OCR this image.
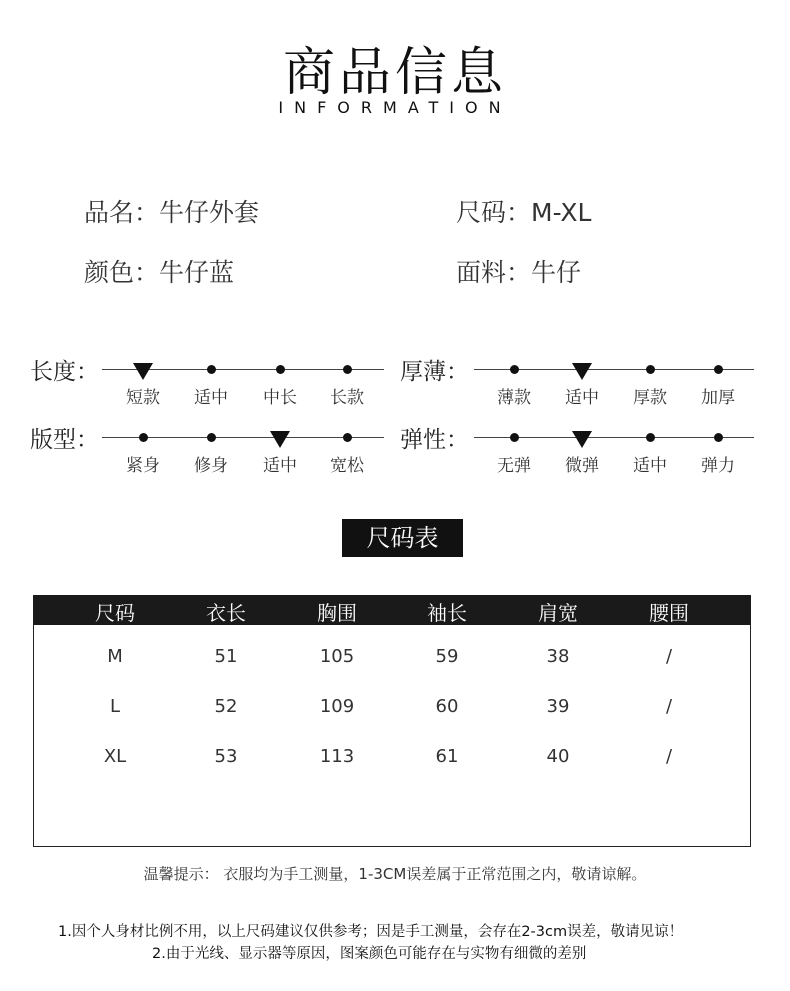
商品信息
INFORMATION
品名：牛仔外套	尺码：M-XL
颜色：牛仔蓝	面料：牛仔
长度：
短款	适中	中长	长款
厚薄：
薄款	适中	厚款	加厚
版型：
紧身	修身	适中	宽松
弹性：
无弹	微弹	适中	弹力
尺码表
尺码	衣长	胸围	袖长	肩宽	腰围
M	51	105	59	38	/
L	52	109	60	39	/
XL	53	113	61	40	/
温馨提示： 衣服均为手工测量，1-3CM误差属于正常范围之内，敬请谅解。
1.因个人身材比例不用，以上尺码建议仅供参考；因是手工测量，会存在2-3cm误差，敬请见谅！
2.由于光线、显示器等原因，图案颜色可能存在与实物有细微的差别
